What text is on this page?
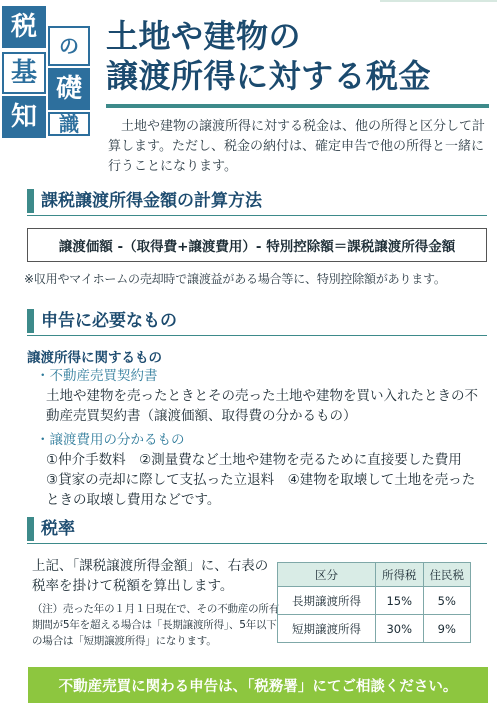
税
の
基
礎
知	識
土地や建物の
譲渡所得に対する税金

土地や建物の譲渡所得に対する税金は、他の所得と区分して計算します。ただし、税金の納付は、確定申告で他の所得と一緒に行うことになります。

課税譲渡所得金額の計算方法
譲渡価額 -（取得費+譲渡費用）- 特別控除額＝課税譲渡所得金額

※収用やマイホームの売却時で譲渡益がある場合等に、特別控除額があります。

申告に必要なもの

譲渡所得に関するもの

・不動産売買契約書
土地や建物を売ったときとその売った土地や建物を買い入れたときの不動産売買契約書（譲渡価額、取得費の分かるもの）
・譲渡費用の分かるもの
①仲介手数料　②測量費など土地や建物を売るために直接要した費用　③貸家の売却に際して支払った立退料　④建物を取壊して土地を売ったときの取壊し費用などです。
税率

上記、「課税譲渡所得金額」に、右表の税率を掛けて税額を算出します。

（注）売った年の１月１日現在で、その不動産の所有期間が5年を超える場合は「長期譲渡所得」、5年以下の場合は「短期譲渡所得」になります。

区分	所得税	住民税
長期譲渡所得	15%	5%
短期譲渡所得	30%	9%
不動産売買に関わる申告は、「税務署」にてご相談ください。
